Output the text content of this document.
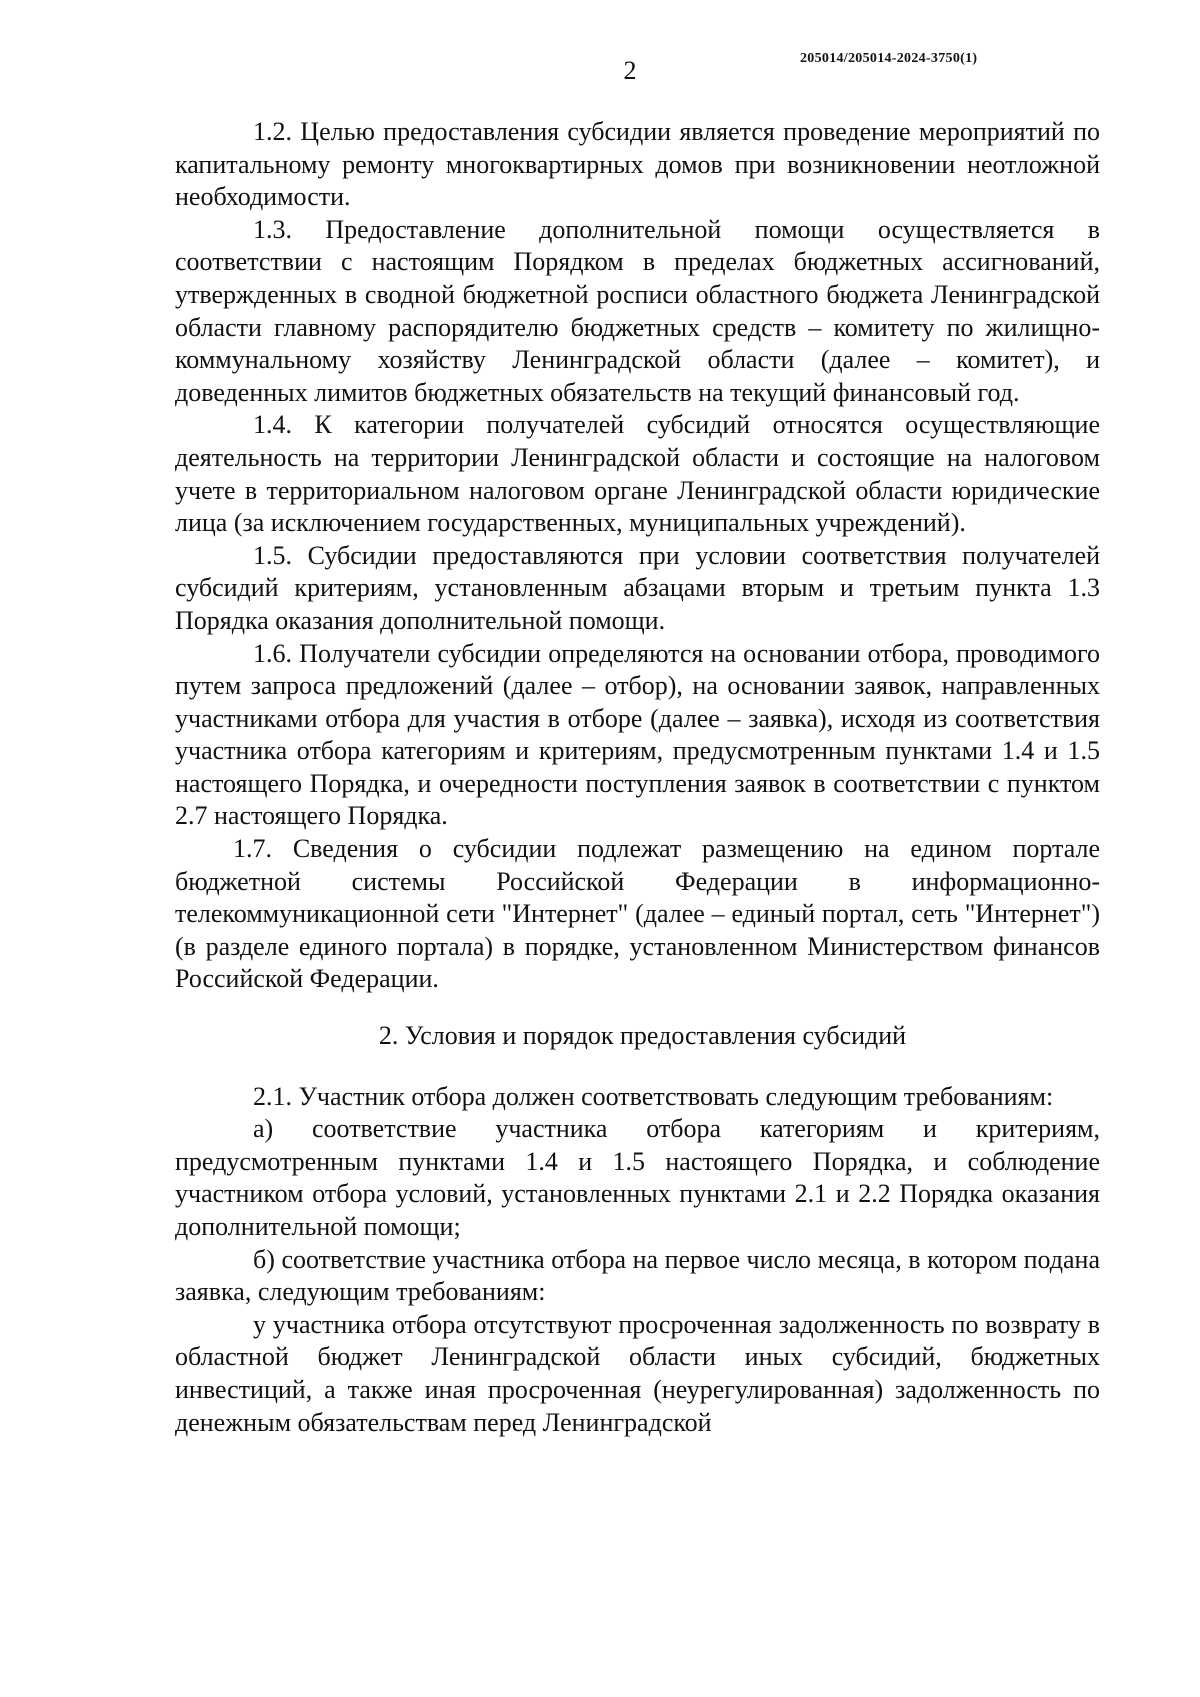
2	205014/205014-2024-3750(1)

1.2. Целью предоставления субсидии является проведение мероприятий по капитальному ремонту многоквартирных домов при возникновении неотложной необходимости.

1.3. Предоставление дополнительной помощи осуществляется в соответствии с настоящим Порядком в пределах бюджетных ассигнований, утвержденных в сводной бюджетной росписи областного бюджета Ленинградской области главному распорядителю бюджетных средств – комитету по жилищно-коммунальному хозяйству Ленинградской области (далее – комитет), и доведенных лимитов бюджетных обязательств на текущий финансовый год.

1.4. К категории получателей субсидий относятся осуществляющие деятельность на территории Ленинградской области и состоящие на налоговом учете в территориальном налоговом органе Ленинградской области юридические лица (за исключением государственных, муниципальных учреждений).

1.5. Субсидии предоставляются при условии соответствия получателей субсидий критериям, установленным абзацами вторым и третьим пункта 1.3 Порядка оказания дополнительной помощи.

1.6. Получатели субсидии определяются на основании отбора, проводимого путем запроса предложений (далее – отбор), на основании заявок, направленных участниками отбора для участия в отборе (далее – заявка), исходя из соответствия участника отбора категориям и критериям, предусмотренным пунктами 1.4 и 1.5 настоящего Порядка, и очередности поступления заявок в соответствии с пунктом 2.7 настоящего Порядка.

1.7. Сведения о субсидии подлежат размещению на едином портале бюджетной системы Российской Федерации в информационно-телекоммуникационной сети "Интернет" (далее – единый портал, сеть "Интернет") (в разделе единого портала) в порядке, установленном Министерством финансов Российской Федерации.

2. Условия и порядок предоставления субсидий

2.1. Участник отбора должен соответствовать следующим требованиям:

а) соответствие участника отбора категориям и критериям, предусмотренным пунктами 1.4 и 1.5 настоящего Порядка, и соблюдение участником отбора условий, установленных пунктами 2.1 и 2.2 Порядка оказания дополнительной помощи;

б) соответствие участника отбора на первое число месяца, в котором подана заявка, следующим требованиям:

у участника отбора отсутствуют просроченная задолженность по возврату в областной бюджет Ленинградской области иных субсидий, бюджетных инвестиций, а также иная просроченная (неурегулированная) задолженность по денежным обязательствам перед Ленинградской
